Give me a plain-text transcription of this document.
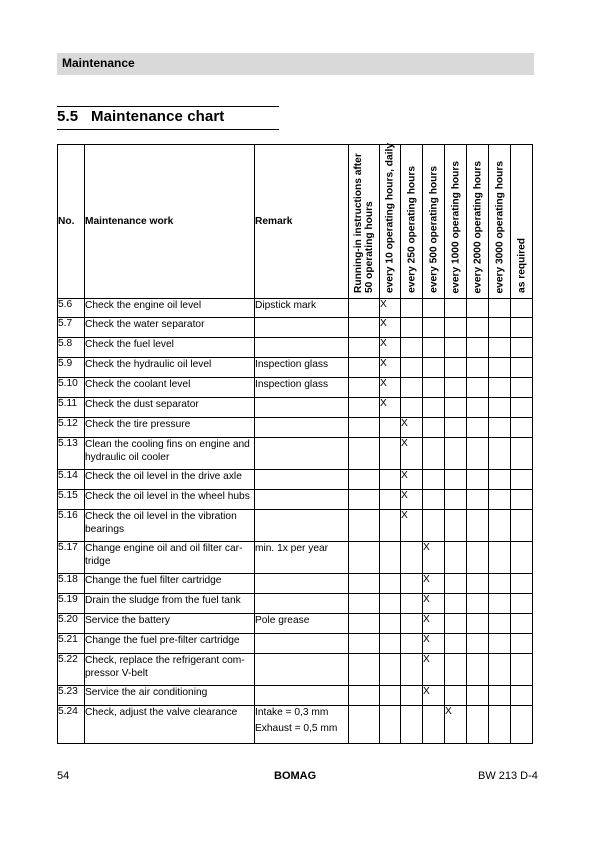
Maintenance
5.5 Maintenance chart
No.	Maintenance work	Remark	Running-in instructions after 50 operating hours	every 10 operating hours, daily	every 250 operating hours	every 500 operating hours	every 1000 operating hours	every 2000 operating hours	every 3000 operating hours	as required

5.6	Check the engine oil level	Dipstick mark		X						
5.7	Check the water separator			X						
5.8	Check the fuel level			X						
5.9	Check the hydraulic oil level	Inspection glass		X						
5.10	Check the coolant level	Inspection glass		X						
5.11	Check the dust separator			X						
5.12	Check the tire pressure				X					
5.13	Clean the cooling fins on engine and hydraulic oil cooler				X					
5.14	Check the oil level in the drive axle				X					
5.15	Check the oil level in the wheel hubs				X					
5.16	Check the oil level in the vibration bearings				X					
5.17	Change engine oil and oil filter car-tridge	min. 1x per year				X				
5.18	Change the fuel filter cartridge					X				
5.19	Drain the sludge from the fuel tank					X				
5.20	Service the battery	Pole grease				X				
5.21	Change the fuel pre-filter cartridge					X				
5.22	Check, replace the refrigerant com-pressor V-belt					X				
5.23	Service the air conditioning					X				
5.24	Check, adjust the valve clearance	Intake = 0,3 mm
Exhaust = 0,5 mm					X			
54	BOMAG	BW 213 D-4
